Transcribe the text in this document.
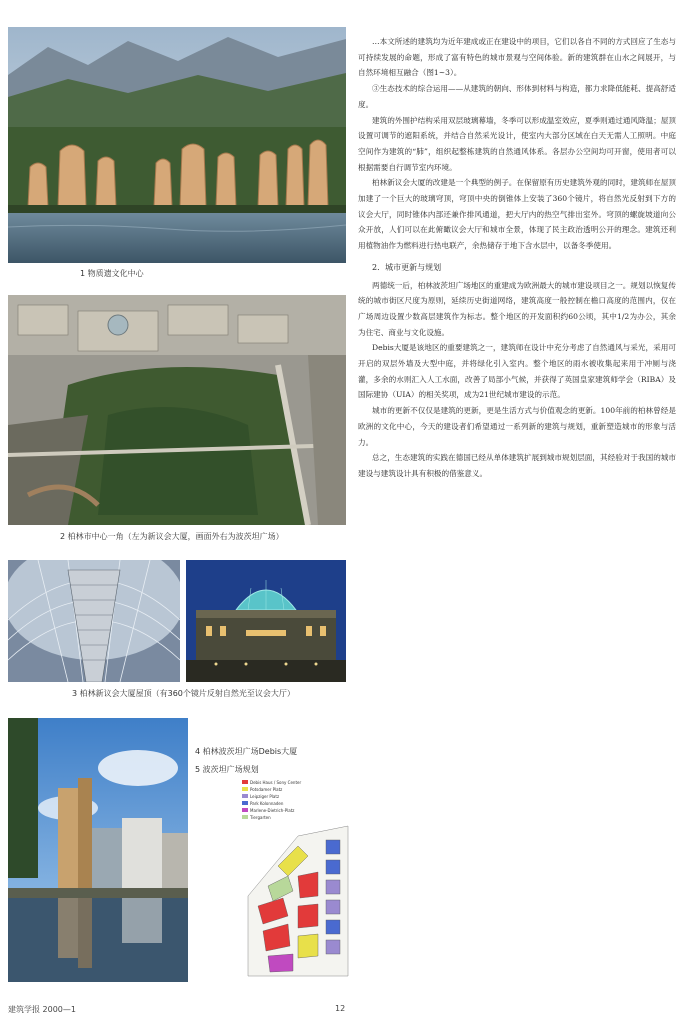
1 物质遗文化中心
2 柏林市中心一角（左为新议会大厦，画面外右为波茨坦广场）
3 柏林新议会大厦屋顶（有360个镜片反射自然光至议会大厅）
4 柏林波茨坦广场Debis大厦
5 波茨坦广场规划
Debis Haus / Sony Center
Potsdamer Platz
Leipziger Platz
Park Kolonnaden
Marlene-Dietrich-Platz
Tiergarten

…本文所述的建筑均为近年建成或正在建设中的项目，它们以各自不同的方式回应了生态与可持续发展的命题，形成了富有特色的城市景观与空间体验。新的建筑群在山水之间展开，与自然环境相互融合（图1~3）。

③生态技术的综合运用——从建筑的朝向、形体到材料与构造，都力求降低能耗、提高舒适度。

建筑的外围护结构采用双层玻璃幕墙，冬季可以形成温室效应，夏季则通过通风降温；屋顶设置可调节的遮阳系统，并结合自然采光设计，使室内大部分区域在白天无需人工照明。中庭空间作为建筑的“肺”，组织起整栋建筑的自然通风体系。各层办公空间均可开窗，使用者可以根据需要自行调节室内环境。

柏林新议会大厦的改建是一个典型的例子。在保留原有历史建筑外观的同时，建筑师在屋顶加建了一个巨大的玻璃穹顶，穹顶中央的倒锥体上安装了360个镜片，将自然光反射到下方的议会大厅，同时锥体内部还兼作排风通道，把大厅内的热空气排出室外。穹顶的螺旋坡道向公众开放，人们可以在此俯瞰议会大厅和城市全景，体现了民主政治透明公开的理念。建筑还利用植物油作为燃料进行热电联产，余热储存于地下含水层中，以备冬季使用。

2．城市更新与规划

两德统一后，柏林波茨坦广场地区的重建成为欧洲最大的城市建设项目之一。规划以恢复传统的城市街区尺度为原则，延续历史街道网络，建筑高度一般控制在檐口高度的范围内，仅在广场周边设置少数高层建筑作为标志。整个地区的开发面积约60公顷，其中1/2为办公，其余为住宅、商业与文化设施。

Debis大厦是该地区的重要建筑之一，建筑师在设计中充分考虑了自然通风与采光，采用可开启的双层外墙及大型中庭，并将绿化引入室内。整个地区的雨水被收集起来用于冲厕与浇灌，多余的水则汇入人工水面，改善了局部小气候，并获得了英国皇家建筑师学会（RIBA）及国际建协（UIA）的相关奖项，成为21世纪城市建设的示范。

城市的更新不仅仅是建筑的更新，更是生活方式与价值观念的更新。100年前的柏林曾经是欧洲的文化中心，今天的建设者们希望通过一系列新的建筑与规划，重新塑造城市的形象与活力。

总之，生态建筑的实践在德国已经从单体建筑扩展到城市规划层面，其经验对于我国的城市建设与建筑设计具有积极的借鉴意义。

建筑学报 2000—1	12
